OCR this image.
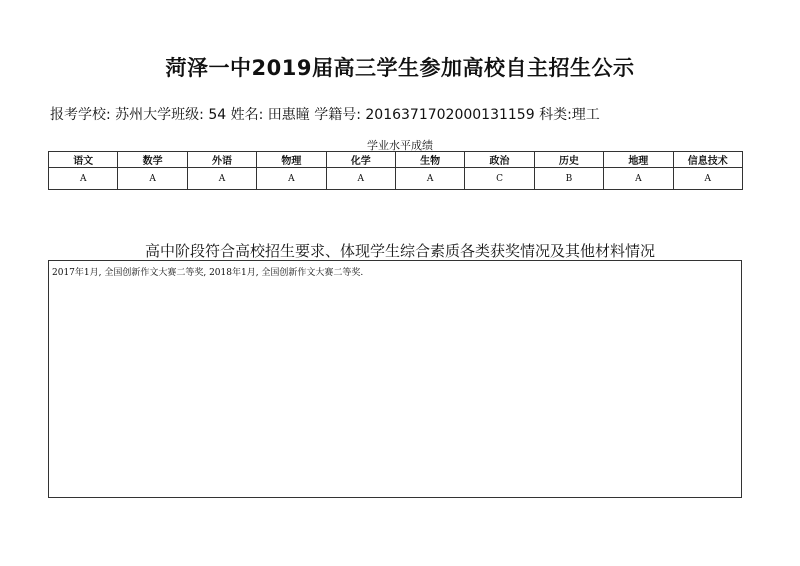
菏泽一中2019届高三学生参加高校自主招生公示
报考学校: 苏州大学班级: 54 姓名: 田惠瞳 学籍号: 2016371702000131159 科类:理工
学业水平成绩
语文	数学	外语	物理	化学	生物	政治	历史	地理	信息技术
A	A	A	A	A	A	C	B	A	A
高中阶段符合高校招生要求、体现学生综合素质各类获奖情况及其他材料情况
2017年1月, 全国创新作文大赛二等奖, 2018年1月, 全国创新作文大赛二等奖.
